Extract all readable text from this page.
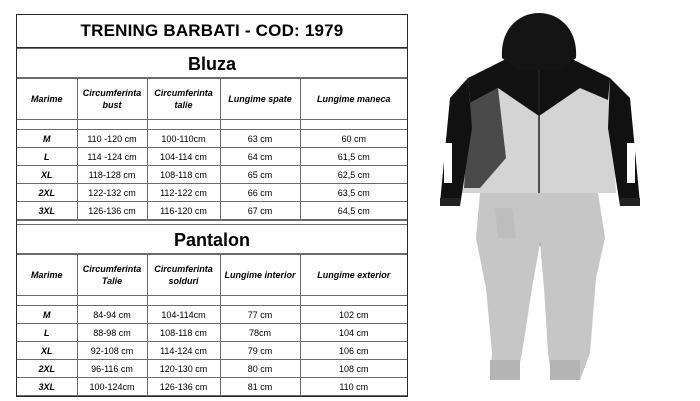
TRENING BARBATI - COD: 1979
Bluza
Marime	Circumferinta bust	Circumferinta talie	Lungime spate	Lungime maneca

M	110 -120 cm	100-110cm	63 cm	60 cm
L	114 -124 cm	104-114 cm	64 cm	61,5 cm
XL	118-128 cm	108-118 cm	65 cm	62,5 cm
2XL	122-132 cm	112-122 cm	66 cm	63,5 cm
3XL	126-136 cm	116-120 cm	67 cm	64,5 cm
Pantalon
Marime	Circumferinta Talie	Circumferinta solduri	Lungime interior	Lungime exterior

M	84-94 cm	104-114cm	77 cm	102 cm
L	88-98 cm	108-118 cm	78cm	104 cm
XL	92-108 cm	114-124 cm	79 cm	106 cm
2XL	96-116 cm	120-130 cm	80 cm	108 cm
3XL	100-124cm	126-136 cm	81 cm	110 cm
